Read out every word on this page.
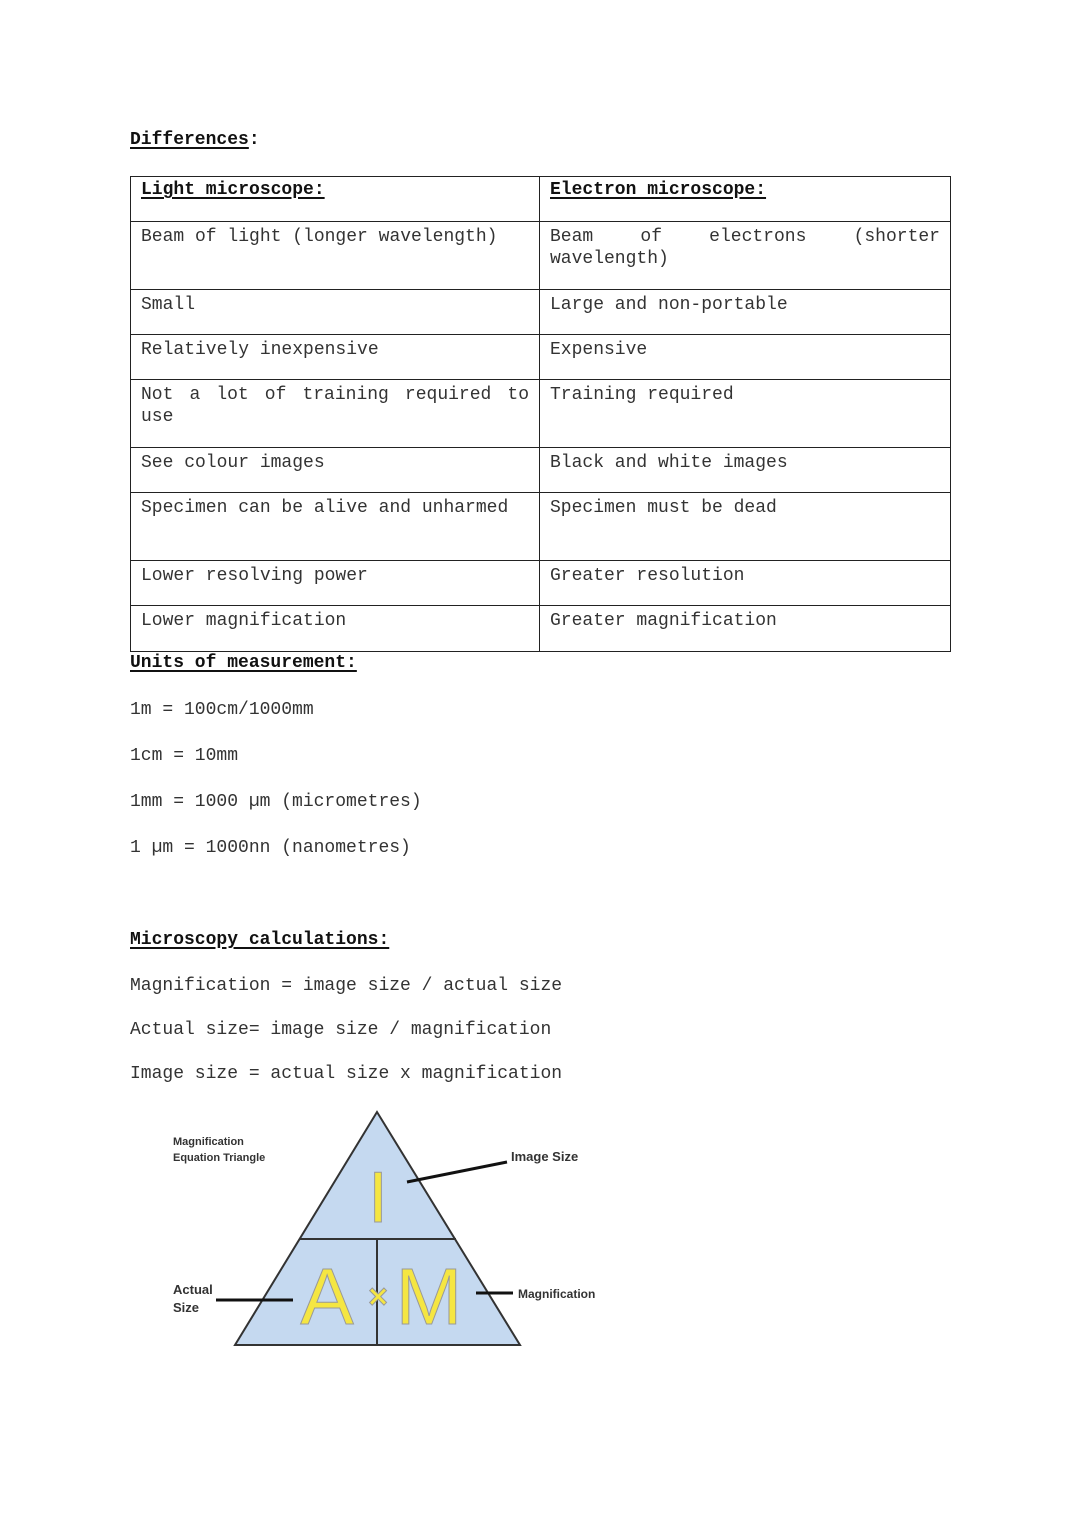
Differences:
Light microscope:	Electron microscope:
Beam of light (longer wavelength)	Beam of electrons (shorter wavelength)
Small	Large and non-portable
Relatively inexpensive	Expensive
Not a lot of training required to use	Training required
See colour images	Black and white images
Specimen can be alive and unharmed	Specimen must be dead
Lower resolving power	Greater resolution
Lower magnification	Greater magnification
Units of measurement:

1m = 100cm/1000mm

1cm = 10mm

1mm = 1000 µm (micrometres)

1 µm = 1000nn (nanometres)

Microscopy calculations:

Magnification = image size / actual size

Actual size= image size / magnification

Image size = actual size x magnification

Magnification
Equation Triangle I
A × M
Image Size
Actual
Size
Magnification
